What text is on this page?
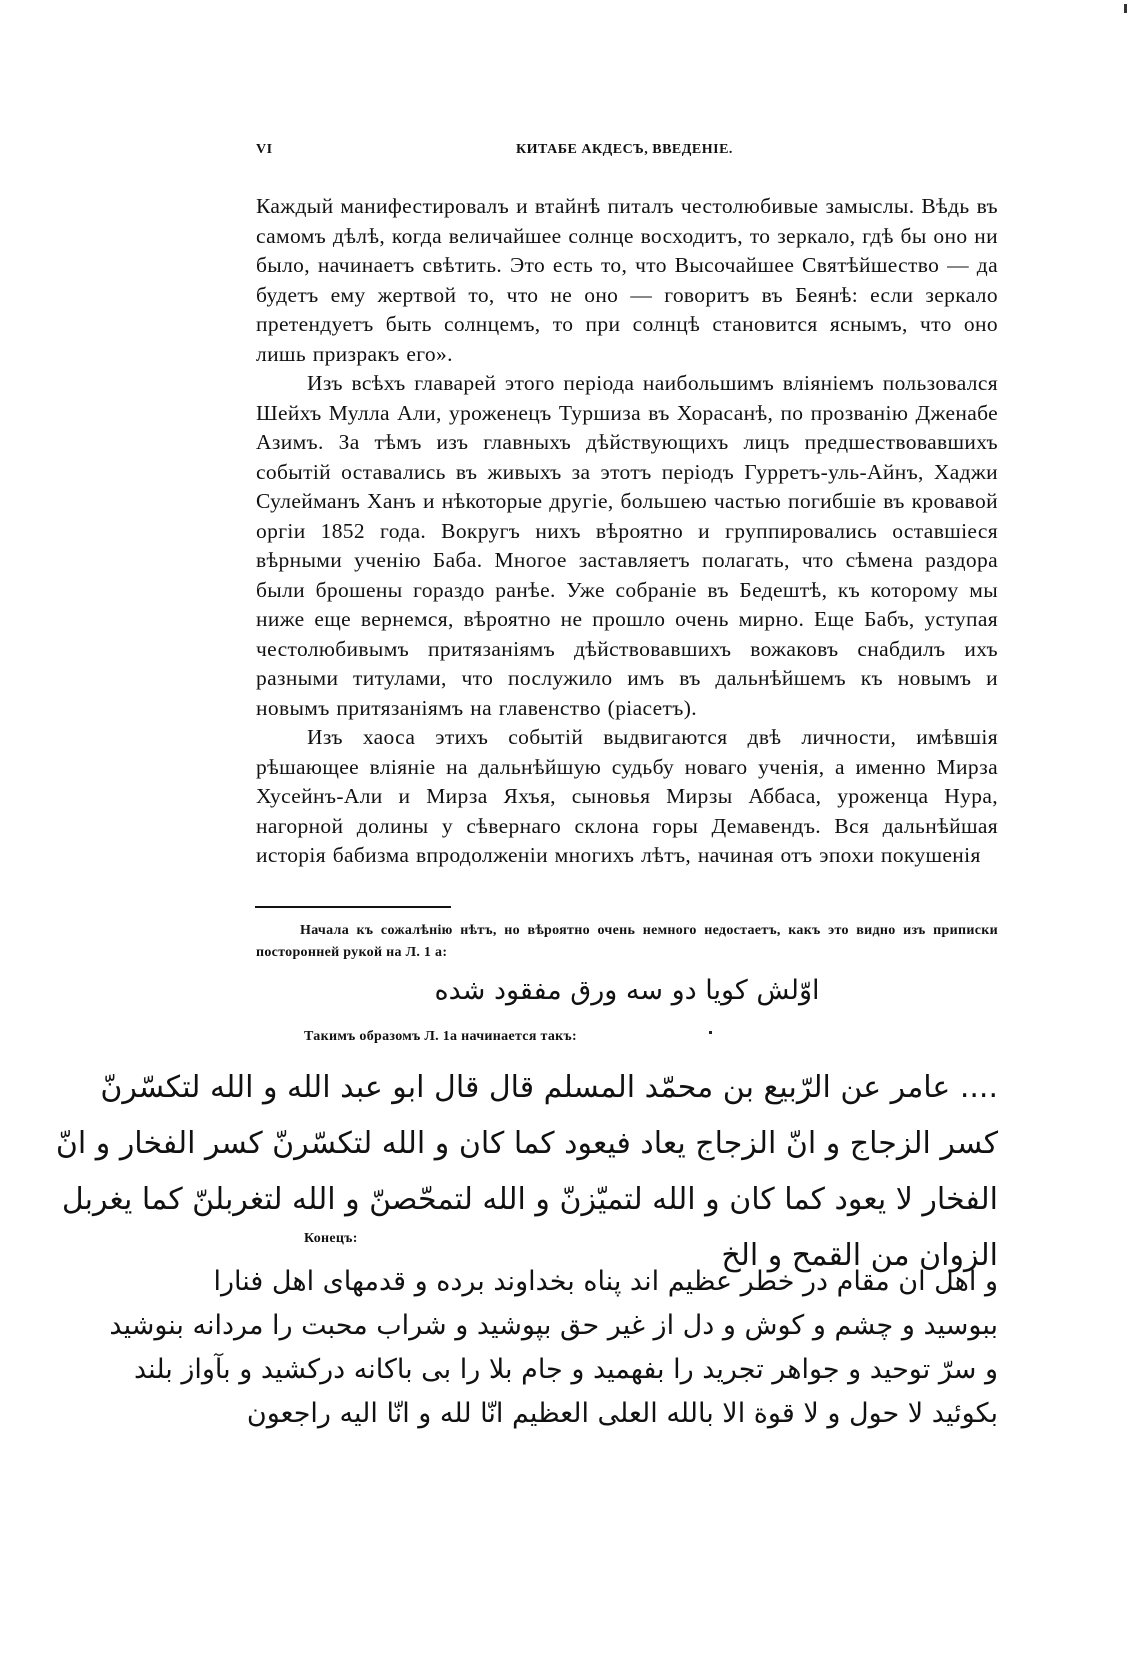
VI	КИТАБЕ АКДЕСЪ, ВВЕДЕНІЕ.

Каждый манифестировалъ и втайнѣ питалъ честолюбивые замыслы. Вѣдь въ самомъ дѣлѣ, когда величайшее солнце восходитъ, то зеркало, гдѣ бы оно ни было, начинаетъ свѣтить. Это есть то, что Высочайшее Святѣйшество — да будетъ ему жертвой то, что не оно — говоритъ въ Беянѣ: если зеркало претендуетъ быть солнцемъ, то при солнцѣ становится яснымъ, что оно лишь призракъ его».

Изъ всѣхъ главарей этого періода наибольшимъ вліяніемъ пользовался Шейхъ Мулла Али, уроженецъ Туршиза въ Хорасанѣ, по прозванію Дженабе Азимъ. За тѣмъ изъ главныхъ дѣйствующихъ лицъ предшествовавшихъ событій оставались въ живыхъ за этотъ періодъ Гурретъ-уль-Айнъ, Хаджи Сулейманъ Ханъ и нѣкоторые другіе, большею частью погибшіе въ кровавой оргіи 1852 года. Вокругъ нихъ вѣроятно и группировались оставшіеся вѣрными ученію Баба. Многое заставляетъ полагать, что сѣмена раздора были брошены гораздо ранѣе. Уже собраніе въ Бедештѣ, къ которому мы ниже еще вернемся, вѣроятно не прошло очень мирно. Еще Бабъ, уступая честолюбивымъ притязаніямъ дѣйствовавшихъ вожаковъ снабдилъ ихъ разными титулами, что послужило имъ въ дальнѣйшемъ къ новымъ и новымъ притязаніямъ на главенство (ріасетъ).

Изъ хаоса этихъ событій выдвигаются двѣ личности, имѣвшія рѣшающее вліяніе на дальнѣйшую судьбу новаго ученія, а именно Мирза Хусейнъ-Али и Мирза Яхъя, сыновья Мирзы Аббаса, уроженца Нура, нагорной долины у сѣвернаго склона горы Демавендъ. Вся дальнѣйшая исторія бабизма впродолженіи многихъ лѣтъ, начиная отъ эпохи покушенія

Начала къ сожалѣнію нѣтъ, но вѣроятно очень немного недостаетъ, какъ это видно изъ приписки посторонней рукой на Л. 1 а:
اوّلش کویا دو سه ورق مفقود شده
Такимъ образомъ Л. 1а начинается такъ:
.... عامر عن الرّبیع بن محمّد المسلم قال قال ابو عبد الله و الله لتکسّرنّ
کسر الزجاج و انّ الزجاج یعاد فیعود کما کان و الله لتکسّرنّ کسر الفخار و انّ
الفخار لا یعود کما کان و الله لتمیّزنّ و الله لتمحّصنّ و الله لتغربلنّ کما یغربل
الزوان من القمح و الخ
Конецъ:
و اهل ان مقام در خطر عظیم اند پناه بخداوند برده و قدمهای اهل فنارا
ببوسید و چشم و کوش و دل از غیر حق بپوشید و شراب محبت را مردانه بنوشید
و سرّ توحید و جواهر تجرید را بفهمید و جام بلا را بی باکانه درکشید و بآواز بلند
بکوئید لا حول و لا قوة الا بالله العلی العظیم انّا لله و انّا الیه راجعون
